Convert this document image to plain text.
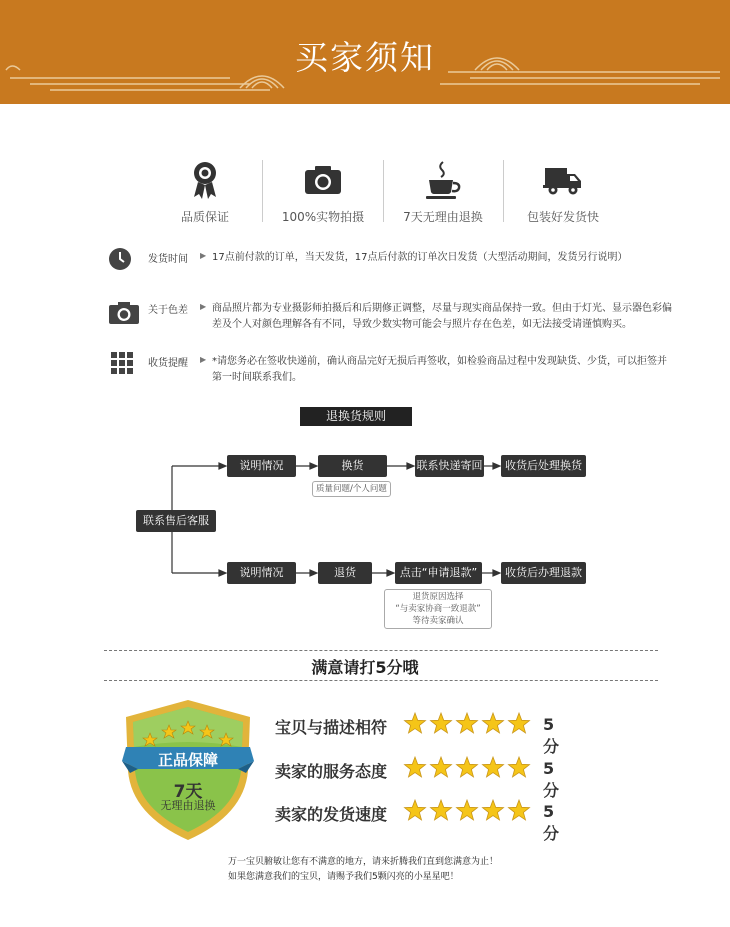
买家须知
品质保证	100%实物拍摄	7天无理由退换	包装好发货快
发货时间 ▶ 17点前付款的订单，当天发货，17点后付款的订单次日发货（大型活动期间，发货另行说明）
关于色差 ▶ 商品照片都为专业摄影师拍摄后和后期修正调整，尽量与现实商品保持一致。但由于灯光、显示器色彩偏差及个人对颜色理解各有不同，导致少数实物可能会与照片存在色差，如无法接受请谨慎购买。
收货提醒 ▶ *请您务必在签收快递前，确认商品完好无损后再签收，如检验商品过程中发现缺货、少货，可以拒签并第一时间联系我们。
退换货规则
联系售后客服
说明情况	换货	联系快递寄回	收货后处理换货
质量问题/个人问题
说明情况	退货	点击“申请退款”	收货后办理退款
退货原因选择
“与卖家协商一致退款”
等待卖家确认
满意请打5分哦
正品保障
7天
无理由退换
宝贝与描述相符	5分
卖家的服务态度	5分
卖家的发货速度	5分
万一宝贝腑敏让您有不满意的地方，请来折腾我们直到您满意为止！
如果您满意我们的宝贝，请赐予我们5颗闪亮的小星星吧！
